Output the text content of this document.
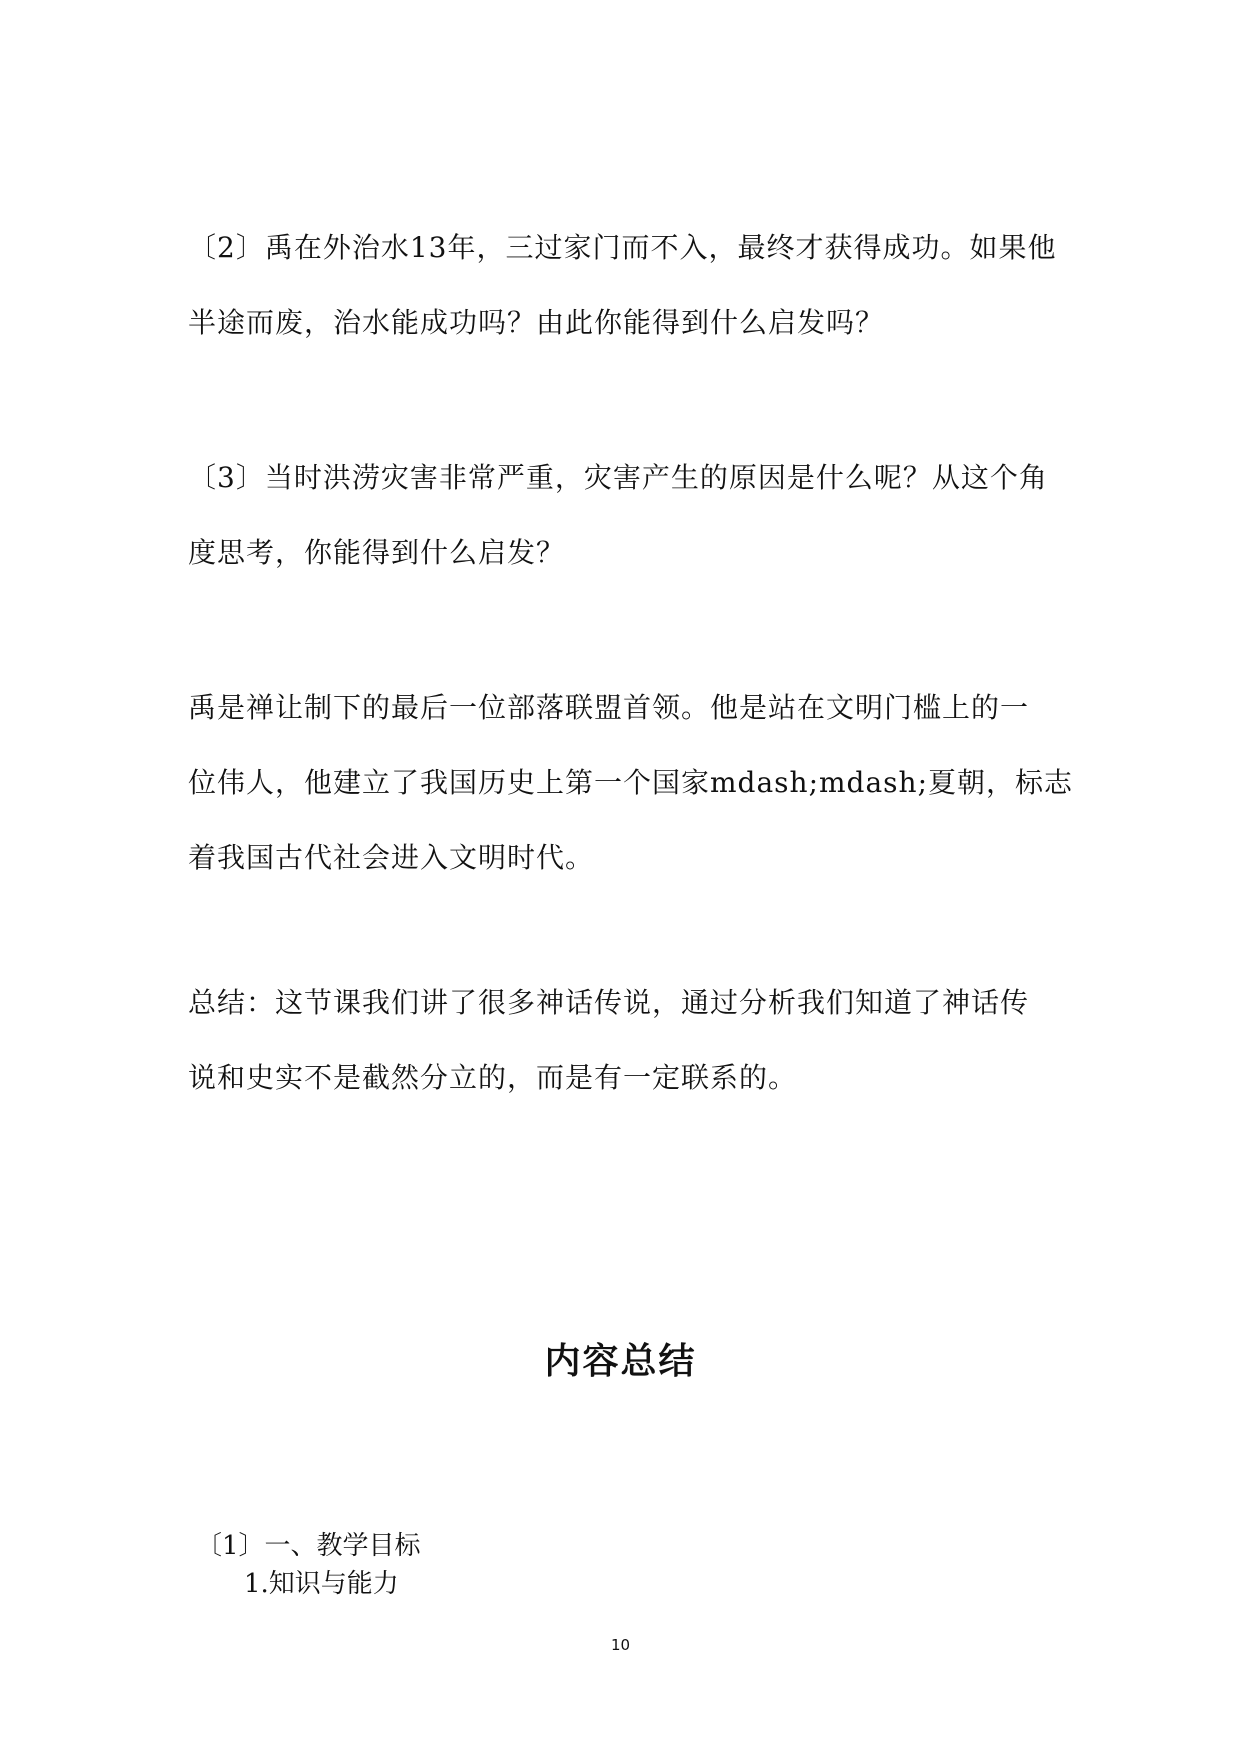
〔2〕禹在外治水13年，三过家门而不入，最终才获得成功。如果他
半途而废，治水能成功吗？由此你能得到什么启发吗？

〔3〕当时洪涝灾害非常严重，灾害产生的原因是什么呢？从这个角
度思考，你能得到什么启发？

禹是禅让制下的最后一位部落联盟首领。他是站在文明门槛上的一
位伟人，他建立了我国历史上第一个国家mdash;mdash;夏朝，标志
着我国古代社会进入文明时代。

总结：这节课我们讲了很多神话传说，通过分析我们知道了神话传
说和史实不是截然分立的，而是有一定联系的。

内容总结

〔1〕一、教学目标

1.知识与能力

10
